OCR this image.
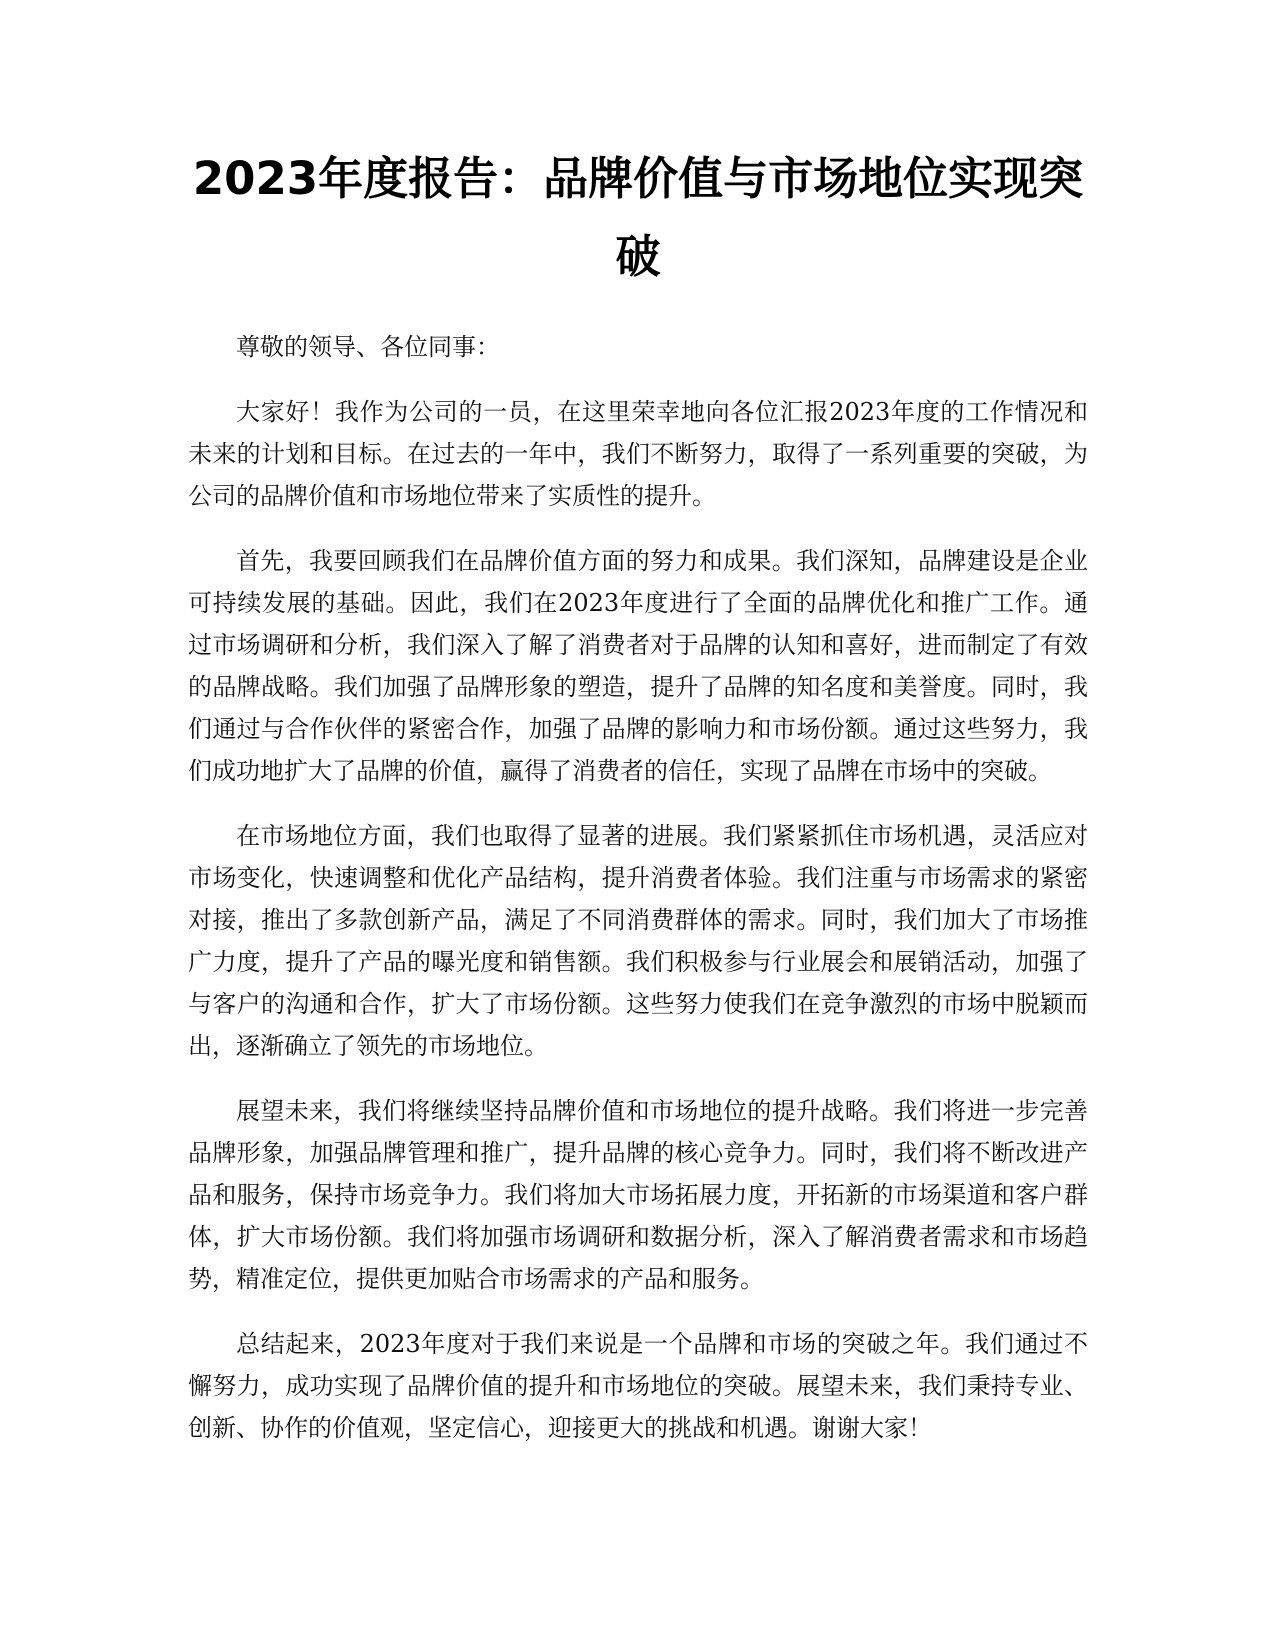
2023年度报告：品牌价值与市场地位实现突破

尊敬的领导、各位同事：

大家好！我作为公司的一员，在这里荣幸地向各位汇报2023年度的工作情况和未来的计划和目标。在过去的一年中，我们不断努力，取得了一系列重要的突破，为公司的品牌价值和市场地位带来了实质性的提升。

首先，我要回顾我们在品牌价值方面的努力和成果。我们深知，品牌建设是企业可持续发展的基础。因此，我们在2023年度进行了全面的品牌优化和推广工作。通过市场调研和分析，我们深入了解了消费者对于品牌的认知和喜好，进而制定了有效的品牌战略。我们加强了品牌形象的塑造，提升了品牌的知名度和美誉度。同时，我们通过与合作伙伴的紧密合作，加强了品牌的影响力和市场份额。通过这些努力，我们成功地扩大了品牌的价值，赢得了消费者的信任，实现了品牌在市场中的突破。

在市场地位方面，我们也取得了显著的进展。我们紧紧抓住市场机遇，灵活应对市场变化，快速调整和优化产品结构，提升消费者体验。我们注重与市场需求的紧密对接，推出了多款创新产品，满足了不同消费群体的需求。同时，我们加大了市场推广力度，提升了产品的曝光度和销售额。我们积极参与行业展会和展销活动，加强了与客户的沟通和合作，扩大了市场份额。这些努力使我们在竞争激烈的市场中脱颖而出，逐渐确立了领先的市场地位。

展望未来，我们将继续坚持品牌价值和市场地位的提升战略。我们将进一步完善品牌形象，加强品牌管理和推广，提升品牌的核心竞争力。同时，我们将不断改进产品和服务，保持市场竞争力。我们将加大市场拓展力度，开拓新的市场渠道和客户群体，扩大市场份额。我们将加强市场调研和数据分析，深入了解消费者需求和市场趋势，精准定位，提供更加贴合市场需求的产品和服务。

总结起来，2023年度对于我们来说是一个品牌和市场的突破之年。我们通过不懈努力，成功实现了品牌价值的提升和市场地位的突破。展望未来，我们秉持专业、创新、协作的价值观，坚定信心，迎接更大的挑战和机遇。谢谢大家！
